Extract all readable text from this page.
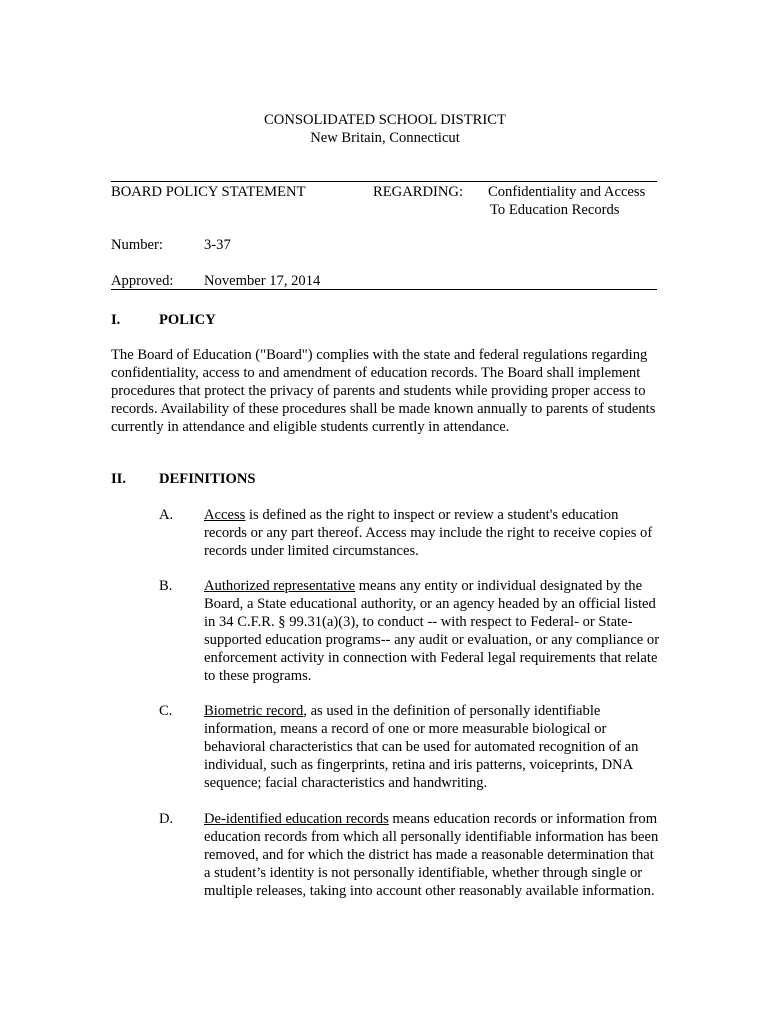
CONSOLIDATED SCHOOL DISTRICT
New Britain, Connecticut
BOARD POLICY STATEMENT	REGARDING: Confidentiality and Access
To Education Records
Number:	3-37
Approved: November 17, 2014
I.	POLICY
The Board of Education ("Board") complies with the state and federal regulations regarding confidentiality, access to and amendment of education records. The Board shall implement procedures that protect the privacy of parents and students while providing proper access to records. Availability of these procedures shall be made known annually to parents of students currently in attendance and eligible students currently in attendance.
II. DEFINITIONS
A. Access is defined as the right to inspect or review a student's education records or any part thereof. Access may include the right to receive copies of records under limited circumstances.
B. Authorized representative means any entity or individual designated by the Board, a State educational authority, or an agency headed by an official listed in 34 C.F.R. § 99.31(a)(3), to conduct -- with respect to Federal- or State-supported education programs-- any audit or evaluation, or any compliance or enforcement activity in connection with Federal legal requirements that relate to these programs.
C. Biometric record, as used in the definition of personally identifiable information, means a record of one or more measurable biological or behavioral characteristics that can be used for automated recognition of an individual, such as fingerprints, retina and iris patterns, voiceprints, DNA sequence; facial characteristics and handwriting.
D. De-identified education records means education records or information from education records from which all personally identifiable information has been removed, and for which the district has made a reasonable determination that a student’s identity is not personally identifiable, whether through single or multiple releases, taking into account other reasonably available information.
